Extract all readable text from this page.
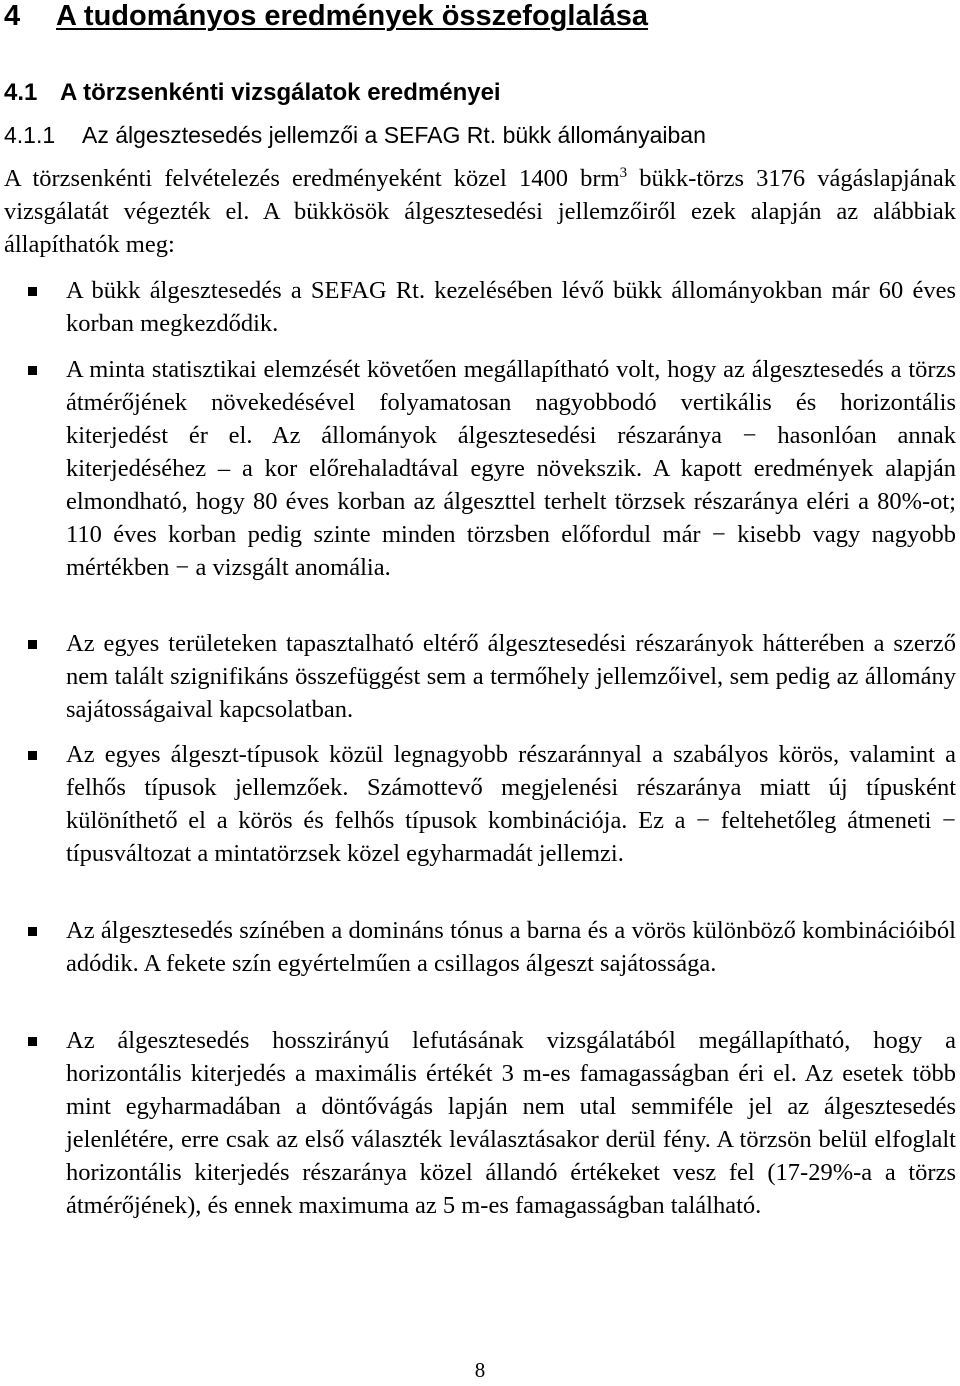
4 A tudományos eredmények összefoglalása
4.1 A törzsenkénti vizsgálatok eredményei
4.1.1 Az álgesztesedés jellemzői a SEFAG Rt. bükk állományaiban

A törzsenkénti felvételezés eredményeként közel 1400 brm$^3$ bükk-törzs 3176 vágáslapjának vizsgálatát végezték el. A bükkösök álgesztesedési jellemzőiről ezek alapján az alábbiak állapíthatók meg:

A bükk álgesztesedés a SEFAG Rt. kezelésében lévő bükk állományokban már 60 éves korban megkezdődik.

A minta statisztikai elemzését követően megállapítható volt, hogy az álgesztesedés a törzs átmérőjének növekedésével folyamatosan nagyobbodó vertikális és horizontális kiterjedést ér el. Az állományok álgesztesedési részaránya − hasonlóan annak kiterjedéséhez – a kor előrehaladtával egyre növekszik. A kapott eredmények alapján elmondható, hogy 80 éves korban az álgeszttel terhelt törzsek részaránya eléri a 80%-ot; 110 éves korban pedig szinte minden törzsben előfordul már − kisebb vagy nagyobb mértékben − a vizsgált anomália.

Az egyes területeken tapasztalható eltérő álgesztesedési részarányok hátterében a szerző nem talált szignifikáns összefüggést sem a termőhely jellemzőivel, sem pedig az állomány sajátosságaival kapcsolatban.

Az egyes álgeszt-típusok közül legnagyobb részaránnyal a szabályos körös, valamint a felhős típusok jellemzőek. Számottevő megjelenési részaránya miatt új típusként különíthető el a körös és felhős típusok kombinációja. Ez a − feltehetőleg átmeneti − típusváltozat a mintatörzsek közel egyharmadát jellemzi.

Az álgesztesedés színében a domináns tónus a barna és a vörös különböző kombinációiból adódik. A fekete szín egyértelműen a csillagos álgeszt sajátossága.

Az álgesztesedés hosszirányú lefutásának vizsgálatából megállapítható, hogy a horizontális kiterjedés a maximális értékét 3 m-es famagasságban éri el. Az esetek több mint egyharmadában a döntővágás lapján nem utal semmiféle jel az álgesztesedés jelenlétére, erre csak az első választék leválasztásakor derül fény. A törzsön belül elfoglalt horizontális kiterjedés részaránya közel állandó értékeket vesz fel (17-29%-a a törzs átmérőjének), és ennek maximuma az 5 m-es famagasságban található.

8
